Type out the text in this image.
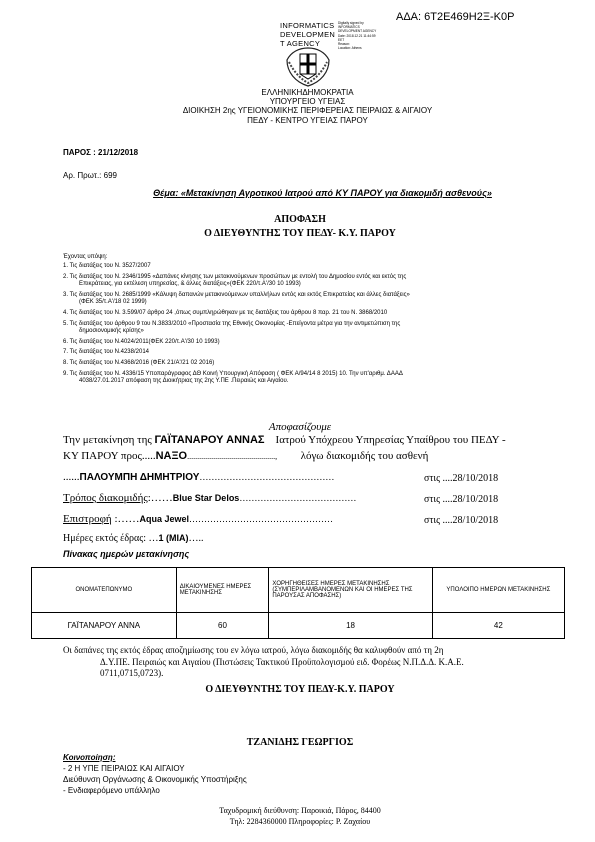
ΑΔΑ: 6Τ2Ε469Η2Ξ-Κ0Ρ
INFORMATICS
DEVELOPMEN
T AGENCY
Digitally signed by
INFORMATICS
DEVELOPMENT AGENCY
Date: 2018.12.21 11:44:59
EET
Reason:
Location: Athens
ΕΛΛΗΝΙΚΗΔΗΜΟΚΡΑΤΙΑ
ΥΠΟΥΡΓΕΙΟ ΥΓΕΙΑΣ
ΔΙΟΙΚΗΣΗ 2ης ΥΓΕΙΟΝΟΜΙΚΗΣ ΠΕΡΙΦΕΡΕΙΑΣ ΠΕΙΡΑΙΩΣ & ΑΙΓΑΙΟΥ
ΠΕΔΥ - ΚΕΝΤΡΟ ΥΓΕΙΑΣ ΠΑΡΟΥ
ΠΑΡΟΣ : 21/12/2018
Αρ. Πρωτ.: 699
Θέμα: «Μετακίνηση Αγροτικού Ιατρού από ΚΥ ΠΑΡΟΥ για διακομιδή ασθενούς»
ΑΠΟΦΑΣΗ
Ο ΔΙΕΥΘΥΝΤΗΣ ΤΟΥ ΠΕΔΥ- Κ.Υ. ΠΑΡΟΥ
Έχοντας υπόψη:
1. Τις διατάξεις του Ν. 3527/2007
2. Τις διατάξεις του Ν. 2346/1995 «Δαπάνες κίνησης των μετακινούμενων προσώπων με εντολή του Δημοσίου εντός και εκτός της
Επικράτειας, για εκτέλεση υπηρεσίας, & άλλες διατάξεις»(ΦΕΚ 220/τ.Α'/30 10 1993)
3. Τις διατάξεις του Ν. 2685/1999 «Κάλυψη δαπανών μετακινούμενων υπαλλήλων εντός και εκτός Επικρατείας και άλλες διατάξεις»
(ΦΕΚ 35/τ.Α'/18 02 1999)
4. Τις διατάξεις του Ν. 3.599/07 άρθρο 24 ,όπως συμπληρώθηκαν με τις διατάξεις του άρθρου 8 παρ. 21 του Ν. 3868/2010
5. Τις διατάξεις του άρθρου 9 του Ν.3833/2010 «Προστασία της Εθνικής Οικονομίας -Επείγοντα μέτρα για την αντιμετώπιση της
δημοσιονομικής κρίσης»
6. Τις διατάξεις του Ν.4024/2011(ΦΕΚ 220/τ.Α'/30 10 1993)
7. Τις διατάξεις του Ν.4238/2014
8. Τις διατάξεις του Ν.4368/2016 (ΦΕΚ 21/Α'/21 02 2016)
9. Τις διατάξεις του Ν. 4336/15 Υποπαράγραφος ΔΘ Κοινή Υπουργική Απόφαση ( ΦΕΚ Α/94/14 8 2015) 10. Την υπ'αριθμ. ΔΑΑΔ
4038/27.01.2017 απόφαση της Διοικήτριας της 2ης Υ.ΠΕ .Πειραιώς και Αιγαίου.
Αποφασίζουμε
Την μετακίνηση της ΓΑΪΤΑΝΑΡΟΥ ΑΝΝΑΣ Ιατρού Υπόχρεου Υπηρεσίας Υπαίθρου του ΠΕΔΥ -
ΚΥ ΠΑΡΟΥ προς.....ΝΑΞΟ............................................, λόγω διακομιδής του ασθενή
......ΠΑΛΟΥΜΠΗ ΔΗΜΗΤΡΙΟΥ………………………………………	στις ....28/10/2018
Τρόπος διακομιδής:……Blue Star Delos…………………………………	στις ....28/10/2018
Επιστροφή :……Aqua Jewel…………………………………………	στις ....28/10/2018
Ημέρες εκτός έδρας: …1 (ΜΙΑ)…..
Πίνακας ημερών μετακίνησης
ΟΝΟΜΑΤΕΠΩΝΥΜΟ	ΔΙΚΑΙΟΥΜΕΝΕΣ ΗΜΕΡΕΣ ΜΕΤΑΚΙΝΗΣΗΣ	ΧΟΡΗΓΗΘΕΙΣΕΣ ΗΜΕΡΕΣ ΜΕΤΑΚΙΝΗΣΗΣ (ΣΥΜΠΕΡΙΛΑΜΒΑΝΟΜΕΝΩΝ ΚΑΙ ΟΙ ΗΜΕΡΕΣ ΤΗΣ ΠΑΡΟΥΣΑΣ ΑΠΟΦΑΣΗΣ)	ΥΠΟΛΟΙΠΟ ΗΜΕΡΩΝ ΜΕΤΑΚΙΝΗΣΗΣ
ΓΑΪΤΑΝΑΡΟΥ ΑΝΝΑ	60	18	42
Οι δαπάνες της εκτός έδρας αποζημίωσης του εν λόγω ιατρού, λόγω διακομιδής θα καλυφθούν από τη 2η
Δ.Υ.ΠΕ. Πειραιώς και Αιγαίου (Πιστώσεις Τακτικού Προϋπολογισμού ειδ. Φορέως Ν.Π.Δ.Δ. Κ.Α.Ε.
0711,0715,0723).
Ο ΔΙΕΥΘΥΝΤΗΣ ΤΟΥ ΠΕΔΥ-Κ.Υ. ΠΑΡΟΥ
ΤΖΑΝΙΔΗΣ ΓΕΩΡΓΙΟΣ
Κοινοποίηση:
- 2 Η ΥΠΕ ΠΕΙΡΑΙΩΣ ΚΑΙ ΑΙΓΑΙΟΥ
Διεύθυνση Οργάνωσης & Οικονομικής Υποστήριξης
- Ενδιαφερόμενο υπάλληλο
Ταχυδρομική διεύθυνση: Παροικιά, Πάρος, 84400
Τηλ: 2284360000 Πληροφορίες: Ρ. Ζαχαίου
